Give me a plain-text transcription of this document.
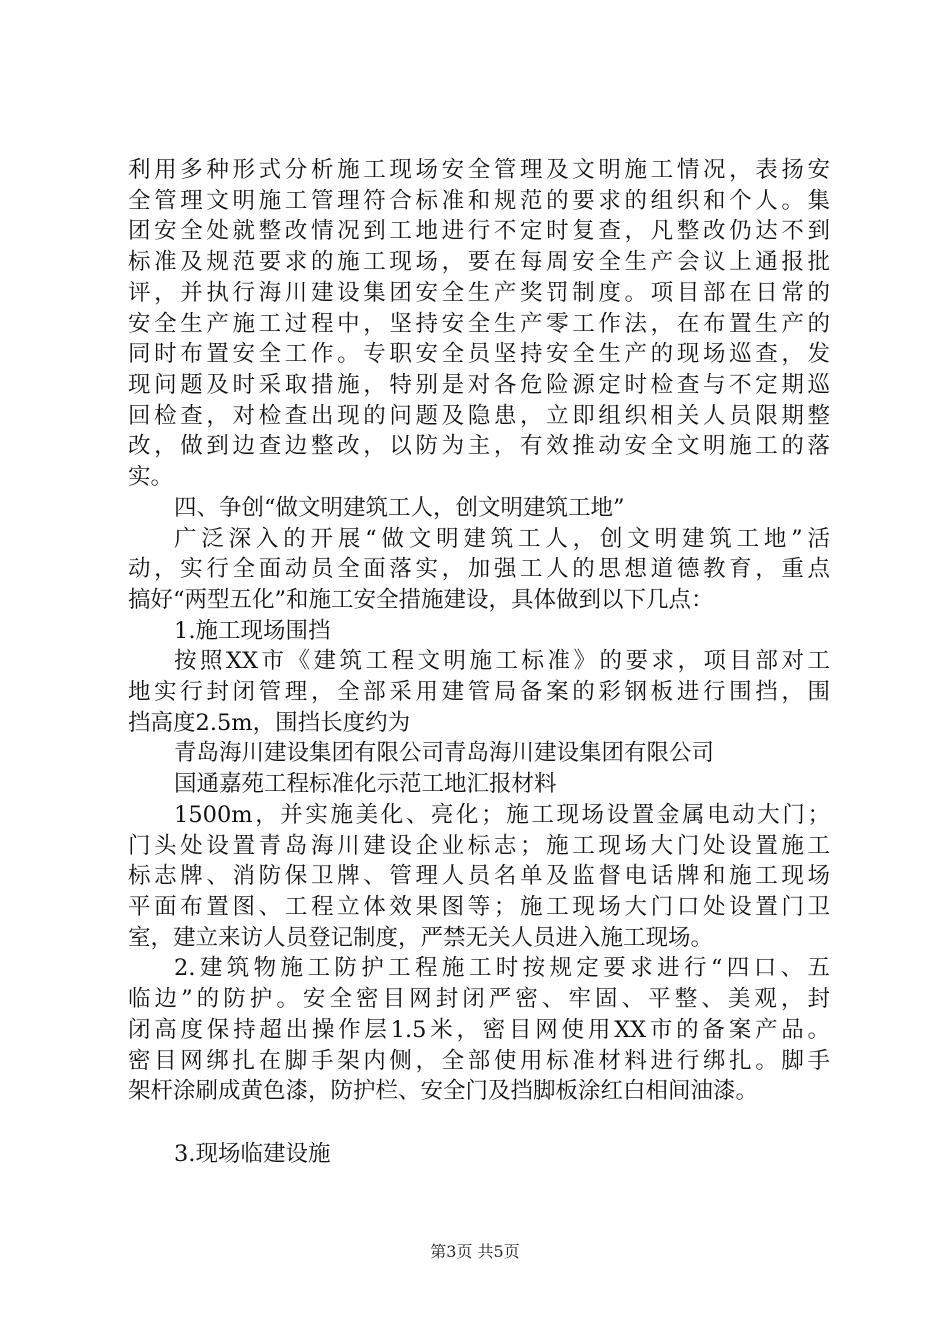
利用多种形式分析施工现场安全管理及文明施工情况，表扬安
全管理文明施工管理符合标准和规范的要求的组织和个人。集
团安全处就整改情况到工地进行不定时复查，凡整改仍达不到
标准及规范要求的施工现场，要在每周安全生产会议上通报批
评，并执行海川建设集团安全生产奖罚制度。项目部在日常的
安全生产施工过程中，坚持安全生产零工作法，在布置生产的
同时布置安全工作。专职安全员坚持安全生产的现场巡查，发
现问题及时采取措施，特别是对各危险源定时检查与不定期巡
回检查，对检查出现的问题及隐患，立即组织相关人员限期整
改，做到边查边整改，以防为主，有效推动安全文明施工的落
实。
四、争创“做文明建筑工人，创文明建筑工地”
广泛深入的开展“做文明建筑工人，创文明建筑工地”活
动，实行全面动员全面落实，加强工人的思想道德教育，重点
搞好“两型五化”和施工安全措施建设，具体做到以下几点：
1.施工现场围挡
按照XX市《建筑工程文明施工标准》的要求，项目部对工
地实行封闭管理，全部采用建管局备案的彩钢板进行围挡，围
挡高度2.5m，围挡长度约为
青岛海川建设集团有限公司青岛海川建设集团有限公司
国通嘉苑工程标准化示范工地汇报材料
1500m，并实施美化、亮化；施工现场设置金属电动大门；
门头处设置青岛海川建设企业标志；施工现场大门处设置施工
标志牌、消防保卫牌、管理人员名单及监督电话牌和施工现场
平面布置图、工程立体效果图等；施工现场大门口处设置门卫
室，建立来访人员登记制度，严禁无关人员进入施工现场。
2.建筑物施工防护工程施工时按规定要求进行“四口、五
临边”的防护。安全密目网封闭严密、牢固、平整、美观，封
闭高度保持超出操作层1.5米，密目网使用XX市的备案产品。
密目网绑扎在脚手架内侧，全部使用标准材料进行绑扎。脚手
架杆涂刷成黄色漆，防护栏、安全门及挡脚板涂红白相间油漆。
3.现场临建设施
第3页 共5页
